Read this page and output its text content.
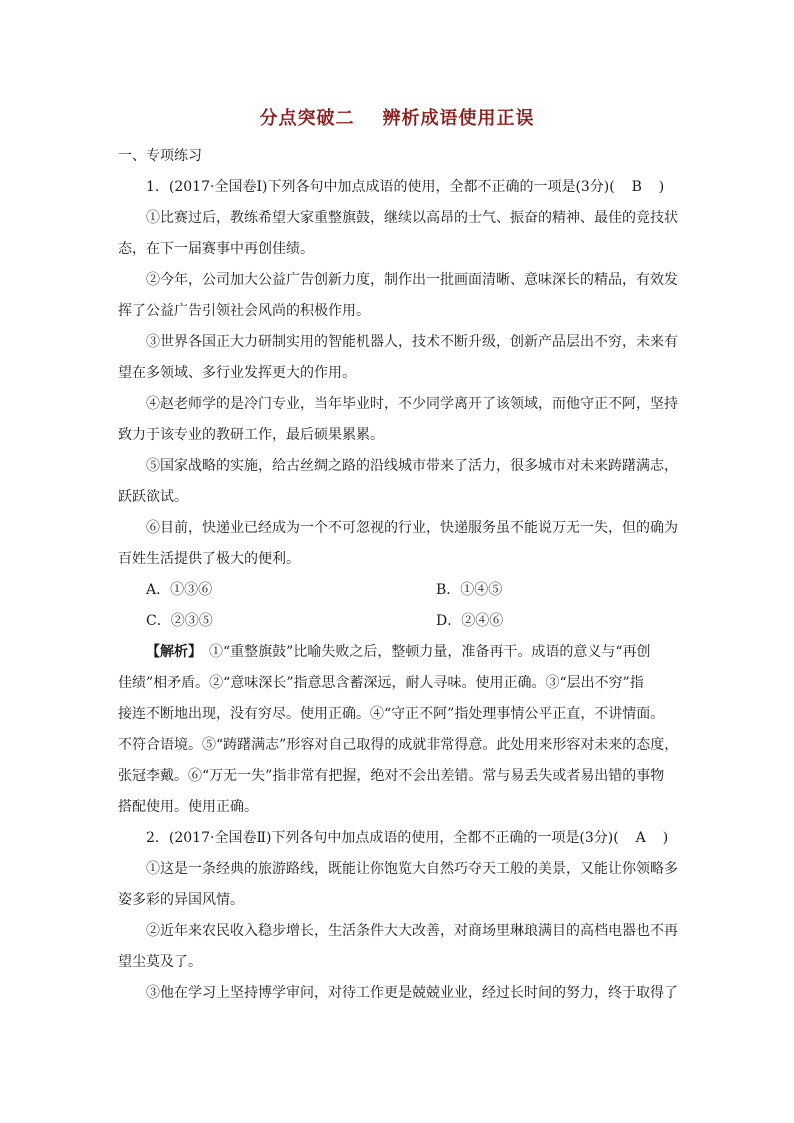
分点突破二 辨析成语使用正误
一、专项练习
1．(2017·全国卷Ⅰ)下列各句中加点成语的使用，全都不正确的一项是(3分)( B )
①比赛过后，教练希望大家重整旗鼓，继续以高昂的士气、振奋的精神、最佳的竞技状
态，在下一届赛事中再创佳绩。
②今年，公司加大公益广告创新力度，制作出一批画面清晰、意味深长的精品，有效发
挥了公益广告引领社会风尚的积极作用。
③世界各国正大力研制实用的智能机器人，技术不断升级，创新产品层出不穷，未来有
望在多领域、多行业发挥更大的作用。
④赵老师学的是冷门专业，当年毕业时，不少同学离开了该领域，而他守正不阿，坚持
致力于该专业的教研工作，最后硕果累累。
⑤国家战略的实施，给古丝绸之路的沿线城市带来了活力，很多城市对未来踌躇满志，
跃跃欲试。
⑥目前，快递业已经成为一个不可忽视的行业，快递服务虽不能说万无一失，但的确为
百姓生活提供了极大的便利。
A．①③⑥	B．①④⑤
C．②③⑤	D．②④⑥
【解析】　 ①“重整旗鼓”比喻失败之后，整顿力量，准备再干。成语的意义与“再创
佳绩”相矛盾。②“意味深长”指意思含蓄深远，耐人寻味。使用正确。③“层出不穷”指
接连不断地出现，没有穷尽。使用正确。④“守正不阿”指处理事情公平正直，不讲情面。
不符合语境。⑤“踌躇满志”形容对自己取得的成就非常得意。此处用来形容对未来的态度，
张冠李戴。⑥“万无一失”指非常有把握，绝对不会出差错。常与易丢失或者易出错的事物
搭配使用。使用正确。
2．(2017·全国卷Ⅱ)下列各句中加点成语的使用，全都不正确的一项是(3分)( A )
①这是一条经典的旅游路线，既能让你饱览大自然巧夺天工般的美景，又能让你领略多
姿多彩的异国风情。
②近年来农民收入稳步增长，生活条件大大改善，对商场里琳琅满目的高档电器也不再
望尘莫及了。
③他在学习上坚持博学审问，对待工作更是兢兢业业，经过长时间的努力，终于取得了
